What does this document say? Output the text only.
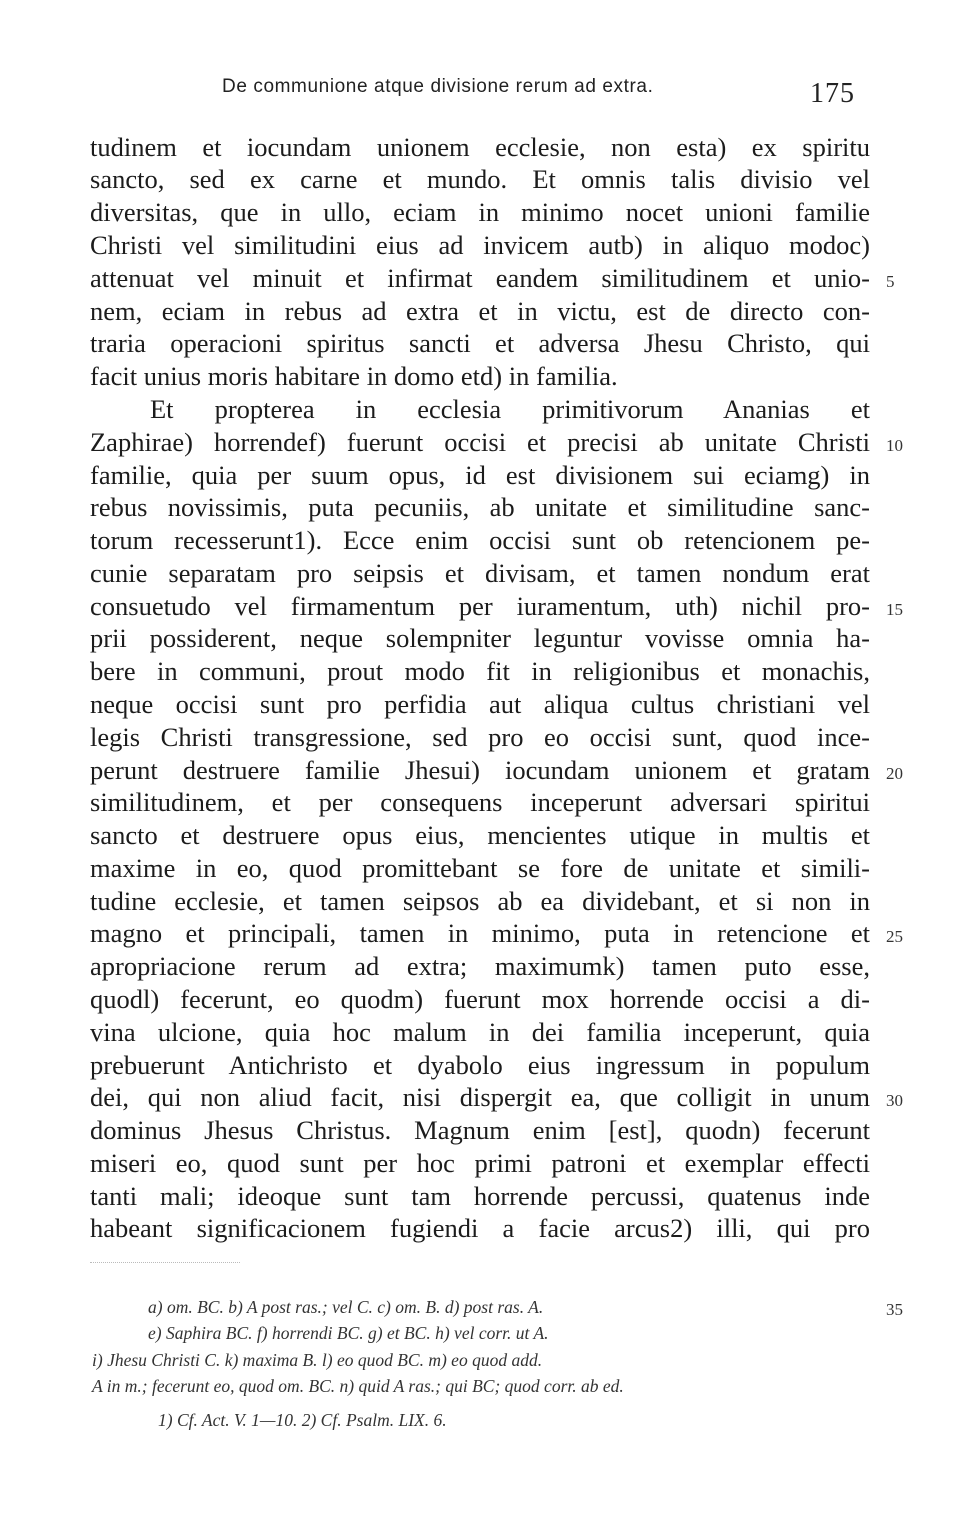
De communione atque divisione rerum ad extra.	175
tudinem et iocundam unionem ecclesie, non esta) ex spiritu
sancto, sed ex carne et mundo. Et omnis talis divisio vel
diversitas, que in ullo, eciam in minimo nocet unioni familie
Christi vel similitudini eius ad invicem autb) in aliquo modoc)
attenuat vel minuit et infirmat eandem similitudinem et unio-
nem, eciam in rebus ad extra et in victu, est de directo con-
traria operacioni spiritus sancti et adversa Jhesu Christo, qui
facit unius moris habitare in domo etd) in familia.
Et propterea in ecclesia primitivorum Ananias et
Zaphirae) horrendef) fuerunt occisi et precisi ab unitate Christi
familie, quia per suum opus, id est divisionem sui eciamg) in
rebus novissimis, puta pecuniis, ab unitate et similitudine sanc-
torum recesserunt1). Ecce enim occisi sunt ob retencionem pe-
cunie separatam pro seipsis et divisam, et tamen nondum erat
consuetudo vel firmamentum per iuramentum, uth) nichil pro-
prii possiderent, neque solempniter leguntur vovisse omnia ha-
bere in communi, prout modo fit in religionibus et monachis,
neque occisi sunt pro perfidia aut aliqua cultus christiani vel
legis Christi transgressione, sed pro eo occisi sunt, quod ince-
perunt destruere familie Jhesui) iocundam unionem et gratam
similitudinem, et per consequens inceperunt adversari spiritui
sancto et destruere opus eius, mencientes utique in multis et
maxime in eo, quod promittebant se fore de unitate et simili-
tudine ecclesie, et tamen seipsos ab ea dividebant, et si non in
magno et principali, tamen in minimo, puta in retencione et
apropriacione rerum ad extra; maximumk) tamen puto esse,
quodl) fecerunt, eo quodm) fuerunt mox horrende occisi a di-
vina ulcione, quia hoc malum in dei familia inceperunt, quia
prebuerunt Antichristo et dyabolo eius ingressum in populum
dei, qui non aliud facit, nisi dispergit ea, que colligit in unum
dominus Jhesus Christus. Magnum enim [est], quodn) fecerunt
miseri eo, quod sunt per hoc primi patroni et exemplar effecti
tanti mali; ideoque sunt tam horrende percussi, quatenus inde
habeant significacionem fugiendi a facie arcus2) illi, qui pro
5
10
15
20
25
30
35
a) om. BC. b) A post ras.; vel C. c) om. B. d) post ras. A.
e) Saphira BC. f) horrendi BC. g) et BC. h) vel corr. ut A.
i) Jhesu Christi C. k) maxima B. l) eo quod BC. m) eo quod add.
A in m.; fecerunt eo, quod om. BC. n) quid A ras.; qui BC; quod corr. ab ed.
1) Cf. Act. V. 1—10. 2) Cf. Psalm. LIX. 6.
